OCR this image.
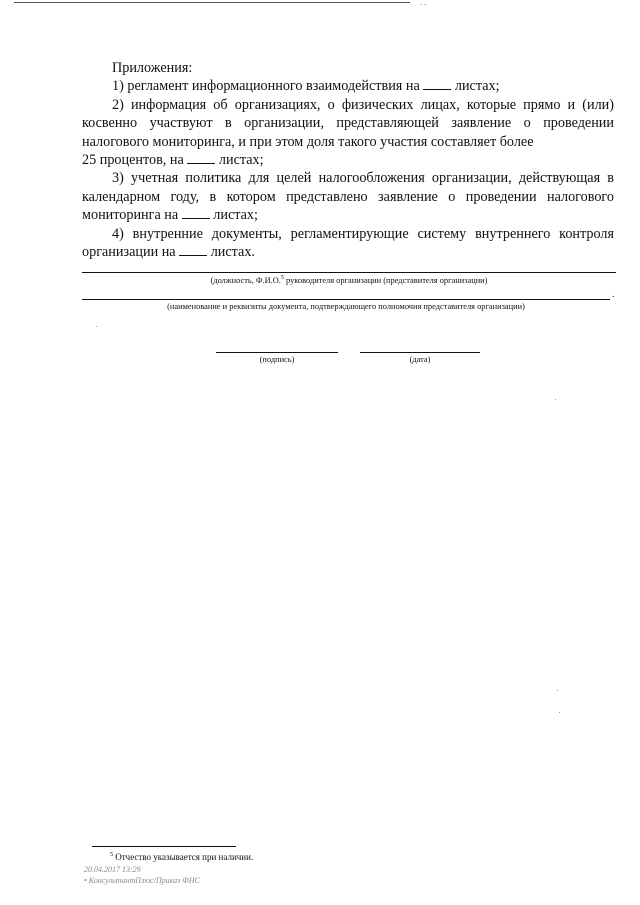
- -

Приложения:

1) регламент информационного взаимодействия на листах;

2) информация об организациях, о физических лицах, которые прямо и (или) косвенно участвуют в организации, представляющей заявление о проведении налогового мониторинга, и при этом доля такого участия составляет более
25 процентов, на листах;

3) учетная политика для целей налогообложения организации, действующая в календарном году, в котором представлено заявление о проведении налогового мониторинга на листах;

4) внутренние документы, регламентирующие систему внутреннего контроля организации на листах.

(должность, Ф.И.О.$^5$ руководителя организации (представителя организации)
.
(наименование и реквизиты документа, подтверждающего полномочия представителя организации)
(подпись)	(дата)
$^5$ Отчество указывается при наличии.
20.04.2017 13:29
• КонсультантПлюс/Приказ ФНС
